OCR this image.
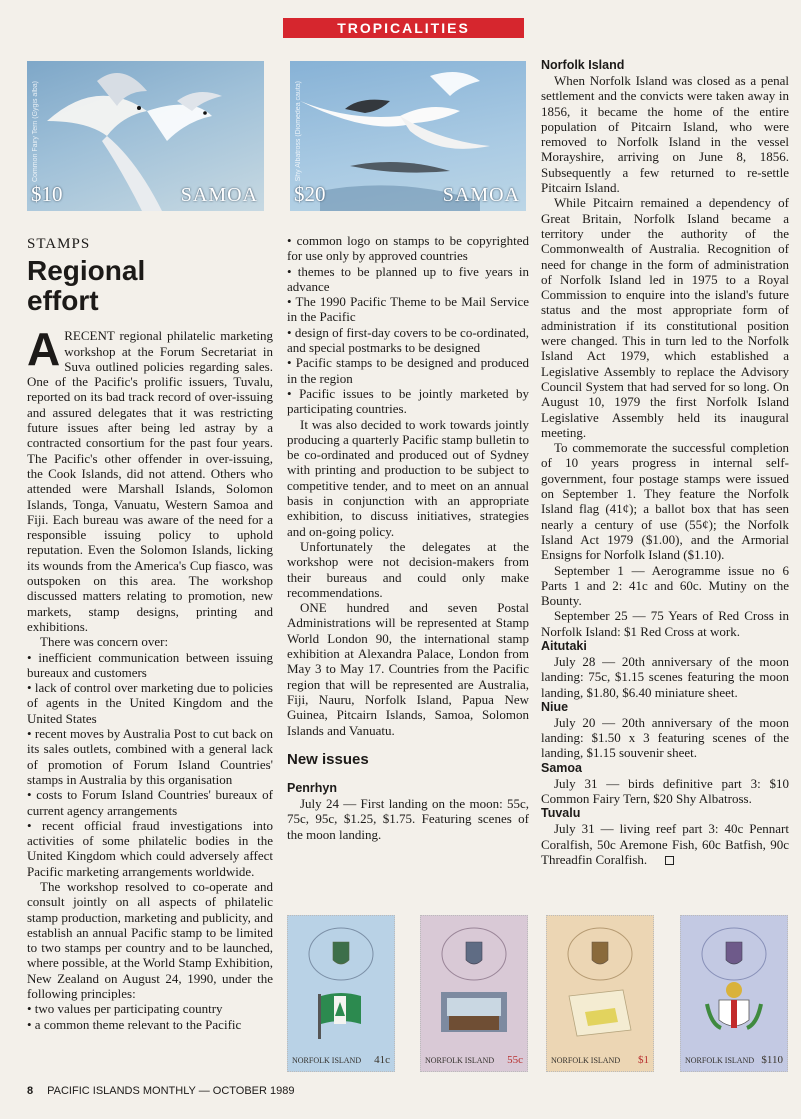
TROPICALITIES
Common Fairy Tern (Gygis alba)
$10	SAMOA
Shy Albatross (Diomedea cauta)
$20	SAMOA
STAMPS
Regional effort

ARECENT regional philatelic marketing workshop at the Forum Secretariat in Suva outlined policies regarding sales. One of the Pacific's prolific issuers, Tuvalu, reported on its bad track record of over-issuing and assured delegates that it was restricting future issues after being led astray by a contracted consortium for the past four years. The Pacific's other offender in over-issuing, the Cook Islands, did not attend. Others who attended were Marshall Islands, Solomon Islands, Tonga, Vanuatu, Western Samoa and Fiji. Each bureau was aware of the need for a responsible issuing policy to uphold reputation. Even the Solomon Islands, licking its wounds from the America's Cup fiasco, was outspoken on this area. The workshop discussed matters relating to promotion, new markets, stamp designs, printing and exhibitions.

There was concern over:

• inefficient communication between issuing bureaux and customers

• lack of control over marketing due to policies of agents in the United Kingdom and the United States

• recent moves by Australia Post to cut back on its sales outlets, combined with a general lack of promotion of Forum Island Countries' stamps in Australia by this organisation

• costs to Forum Island Countries' bureaux of current agency arrangements

• recent official fraud investigations into activities of some philatelic bodies in the United Kingdom which could adversely affect Pacific marketing arrangements worldwide.

The workshop resolved to co-operate and consult jointly on all aspects of philatelic stamp production, marketing and publicity, and establish an annual Pacific stamp to be limited to two stamps per country and to be launched, where possible, at the World Stamp Exhibition, New Zealand on August 24, 1990, under the following principles:

• two values per participating country

• a common theme relevant to the Pacific

• common logo on stamps to be copyrighted for use only by approved countries

• themes to be planned up to five years in advance

• The 1990 Pacific Theme to be Mail Service in the Pacific

• design of first-day covers to be co-ordinated, and special postmarks to be designed

• Pacific stamps to be designed and produced in the region

• Pacific issues to be jointly marketed by participating countries.

It was also decided to work towards jointly producing a quarterly Pacific stamp bulletin to be co-ordinated and produced out of Sydney with printing and production to be subject to competitive tender, and to meet on an annual basis in conjunction with an appropriate exhibition, to discuss initiatives, strategies and on-going policy.

Unfortunately the delegates at the workshop were not decision-makers from their bureaus and could only make recommendations.

ONE hundred and seven Postal Administrations will be represented at Stamp World London 90, the international stamp exhibition at Alexandra Palace, London from May 3 to May 17. Countries from the Pacific region that will be represented are Australia, Fiji, Nauru, Norfolk Island, Papua New Guinea, Pitcairn Islands, Samoa, Solomon Islands and Vanuatu.

New issues
Penrhyn

July 24 — First landing on the moon: 55c, 75c, 95c, $1.25, $1.75. Featuring scenes of the moon landing.

Norfolk Island

When Norfolk Island was closed as a penal settlement and the convicts were taken away in 1856, it became the home of the entire population of Pitcairn Island, who were removed to Norfolk Island in the vessel Morayshire, arriving on June 8, 1856. Subsequently a few returned to re-settle Pitcairn Island.

While Pitcairn remained a dependency of Great Britain, Norfolk Island became a territory under the authority of the Commonwealth of Australia. Recognition of need for change in the form of administration of Norfolk Island led in 1975 to a Royal Commission to enquire into the island's future status and the most appropriate form of administration if its constitutional position were changed. This in turn led to the Norfolk Island Act 1979, which established a Legislative Assembly to replace the Advisory Council System that had served for so long. On August 10, 1979 the first Norfolk Island Legislative Assembly held its inaugural meeting.

To commemorate the successful completion of 10 years progress in internal self-government, four postage stamps were issued on September 1. They feature the Norfolk Island flag (41¢); a ballot box that has seen nearly a century of use (55¢); the Norfolk Island Act 1979 ($1.00), and the Armorial Ensigns for Norfolk Island ($1.10).

September 1 — Aerogramme issue no 6 Parts 1 and 2: 41c and 60c. Mutiny on the Bounty.

September 25 — 75 Years of Red Cross in Norfolk Island: $1 Red Cross at work.

Aitutaki

July 28 — 20th anniversary of the moon landing: 75c, $1.15 scenes featuring the moon landing, $1.80, $6.40 miniature sheet.

Niue

July 20 — 20th anniversary of the moon landing: $1.50 x 3 featuring scenes of the landing, $1.15 souvenir sheet.

Samoa

July 31 — birds definitive part 3: $10 Common Fairy Tern, $20 Shy Albatross.

Tuvalu

July 31 — living reef part 3: 40c Pennart Coralfish, 50c Aremone Fish, 60c Batfish, 90c Threadfin Coralfish.

NORFOLK ISLAND 41c	NORFOLK ISLAND 55c	NORFOLK ISLAND $1	NORFOLK ISLAND $110
8 PACIFIC ISLANDS MONTHLY — OCTOBER 1989
